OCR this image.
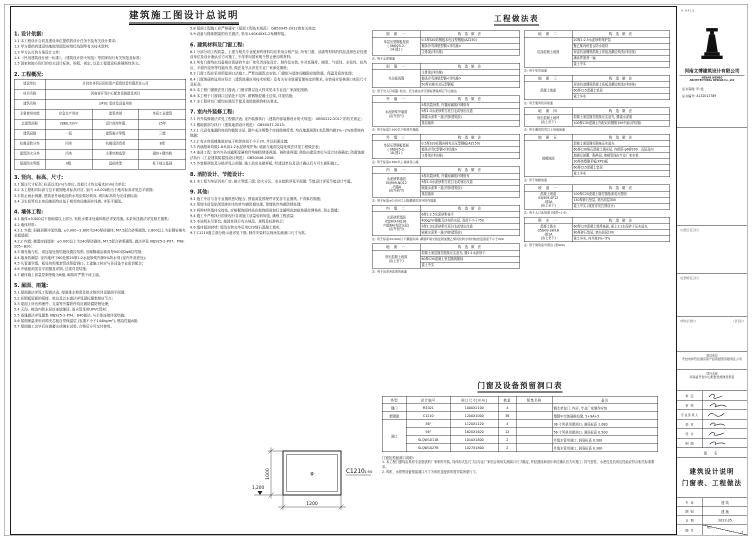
建筑施工图设计总说明
1. 设计依据:
1.1 本工程设计合同及建设单位提供的设计任务书及有关设计要求;
1.2 甲方提供的建设场地地形图及规划红线图等有关技术资料;
1.3 甲方认可的方案设计文件;
1.4 《民用建筑设计统一标准》、《建筑设计防火规范》等国家现行有关规范及标准;
1.5 国家和地方现行的有关设计标准、规程、规定, 以及工程建设标准强制性条文。
2. 工程概况:
建设单位	开封市祥符区国有资产投资经营有限责任公司		
项目名称	河南省开发中心配套设施建设项目		
建筑名称	2#01 泵房及设备用房		
主要使用功能	应急生产用房	建筑类别	单层工业建筑
总建筑面积	2860.72m²	设计使用年限	25年
建筑层数	一层	建筑耐火等级	三级
抗震设防分类	丙类	抗震设防烈度	8度
建筑防火分类	丙类	主要结构选型	砌体+钢结构
屋面防水等级	Ⅱ级	基础类型	柱下独立基础
3. 竖向、标高、尺寸:
3.1 图注尺寸标高: 标高以米(m)为单位, 其他尺寸均以毫米(mm)为单位;
3.2 本工程相对标高与总平面图绝对标高对应, 室内 ±0.000相当于绝对标高详见总平面图;
3.3 防止雨水倒灌, 建筑室外场地及散水均应做好坡向, 坡向标高均为完成面标高;
3.4 卫生间等有水房间地面均应低于相邻房间地面并找坡, 详见平面图。
4. 墙体工程:
4.1 墙体±0.000以下基础梁以上部分, 有防水要求处墙体做法详见结施, 本条所述做法详见相关图集;
4.2 墙体材料:
4.2.1 外墙: 斜砌顶紧详见结施, ±0.000~2.600为240厚砖砌体, M7.5混合砂浆砌筑, 2.600以上为彩钢岩棉夹芯板墙面;
4.2.2 内墙: 潮湿房间墙体: ±0.000以上为240厚砖砌体, M7.5混合砂浆砌筑, 做法详见 06J925-2-P97、P98-205~B20;
4.3 填充墙与柱、梁连接处按结施设置拉结筋, 后砌隔墙沿墙高每500设2φ6拉结筋;
4.4 墙身防潮层: 室内地坪下60处做20厚1:2水泥砂浆内掺5%防水剂 (室内外高差处);
4.5 凡管道穿墙、板处均预埋套管或预留洞口, 土建施工时应与各设备专业密切配合;
4.6 外墙留洞见各平面图及详图, 过梁详见结施;
4.7 砌体施工质量控制等级为B级, 砌筑时严禁干砖上墙。
5. 屋面、雨篷:
5.1 屋面做法详见工程做法表, 屋面排水坡度及排水组织详见屋面平面图;
5.2 彩钢板屋面的搭接、收边及泛水做法详见国标图集相应节点;
5.3 屋面上所有预埋件、支架等外露铁件均应做防腐防锈处理;
5.4 天沟、檐沟内防水层应连续铺设, 雨水管采用UPVC管材;
5.5 雨篷做法详见图集 06J925-2-P94、640做法, 与主体连接详见结施;
5.6 屋面保温采用岩棉夹芯板自带保温层 (容重不小于144kg/m³), 燃烧性能A级;
5.7 屋面施工完毕后应做蓄水或淋水试验, 合格后方可交付使用。
5.8 屋面工程施工应严格遵守《屋面工程技术规范》 GB50345-2012的有关规定;
5.9 设备与梯体钢架的有关做法, 采用 L40X40X1.2角钢焊接。
6. 建筑材料及门窗工程:
6.1 分部分项工程质量、土建与相关专业配套的材料均应采用合格产品; 所有门窗、油漆等材料的样品及颜色应经建设单位及设计确认后方可施工, 不得采用国家明令禁止使用的材料;
6.2 所有门窗均由具备相应资质的专业厂家负责深化设计、制作及安装, 并对其强度、刚度、气密性、水密性、抗风压、平面内变形等性能负责, 做法及节点详见专业厂家深化图纸;
6.3 门窗工程应采用预留洞口法施工, 严禁边砌筑边安装, 门窗框与墙体间缝隙应做防腐、保温及密封处理;
6.4 门窗玻璃的选用应符合《建筑玻璃应用技术规程》及有关安全玻璃管理规定的要求, 安装前应复核洞口实际尺寸及标高;
6.5 本工程门窗做法见门窗表, 门窗详图以及大样详见本专业及厂家深化图纸;
6.6 本工程于门窗洞口过梁处不足时, 做钢筋混凝土过梁, 详见结施;
6.7 本工程所有门窗均应满足节能及消防疏散的相关要求。
7. 室内外装修工程:
7.1 内外装修做法详见工程做法表; 室内装修执行《建筑内部装修设计防火规范》 GB50222-2017 的有关规定;
7.2 楼地面部分执行《建筑地面设计规范》 GB50037-2013:
7.2.1 凡设有地漏的房间均做防水层, 图中未注明整个房间做坡度者, 均在地漏周围1米范围内做1%~2%坡度坡向地漏;
7.2.2 有水房间楼地面应低于相邻房间不小于20, 并以斜面过渡;
7.3 内墙阳角均做1.8米高1:2水泥砂浆护角; 墙面与地面交接处做法详见工程做法表;
7.4 油漆工程: 室内外各项露明金属构件均刷防锈漆两道、调和漆两道; 颜色由建设单位与设计协商确定; 防腐蚀做法执行《工业建筑防腐蚀设计规范》 GB50046-2008;
7.5 外装修颜色及分格详见立面图, 施工前应先做样板, 经建设单位及设计确认后方可大面积施工。
8. 消防设计、节能设计:
8.1 本工程为单层丙类厂房, 耐火等级三级; 防火分区、安全疏散详见平面图; 节能设计详见节能设计专篇。
9. 其他:
9.1 施工中应与各专业图纸密切配合, 预留洞及预埋件详见各专业图纸, 不得事后剔凿;
9.2 预埋木砖及贴邻墙体的木构件均做防腐处理, 预埋铁件均做防锈处理;
9.3 两种材料墙体交接处, 应根据饰面材质在做饰面前加钉金属网或加贴玻璃丝网格布, 防止裂缝;
9.4 施工中严格执行国家现行各项施工质量验收规范, 确保工程质量;
9.5 本说明未尽事宜, 按国家现行有关规范、规程及标准执行;
9.6 墙体留洞封堵: 管线安装完毕后用C20细石混凝土填实;
9.7 C1210窗立面分格示意详见下图, 制作安装时以现场实测洞口尺寸为准。
工程做法表
屋 面 一	构 造 做 法

单层压型钢板屋面
( 06J925-2-
14-图1 )	0.5厚S40彩钢板本色压型钢板(AZ150)
	檩条冷弯薄壁型钢<详结施>
	主骨架(详结施)
注: 用于全部屋面
雨 篷 一	构 造 做 法

夹芯板雨篷	主骨架(详结施)
	檩条冷弯薄壁型钢<详结施>
	50厚岩棉夹芯压型钢板
注: 用于出入口雨篷; 收边、泛水做法详见国标图集相应节点做法
外 墙 一	构 造 做 法

水泥砂浆外墙面
(由外至内)	5厚抗裂砂浆, 内置耐碱玻纤网格布
	9厚1:3水泥砂浆打底扫毛或划出纹道
	刷素水泥浆一道(内掺建筑胶)
	基层墙体
注: 用于标高2.600以下砌体外墙面
外 墙 二	构 造 做 法

单层压型钢板墙面
( 06J925-2-
18-图1 )	0.5厚S20彩钢岩棉夹芯压型钢板(AZ150)
	檩条冷弯C型钢<详结施>
	主骨架(详结施)
注: 用于标高2.600以上墙体及山墙
内 墙 一	构 造 做 法

水泥砂浆墙面
05J909-NQ12
-内墙A
(由外至内)	5厚抗裂砂浆, 内置耐碱玻纤网格布
	9厚1:3水泥砂浆打底扫毛或划出纹道
	刷素水泥浆一道(内掺建筑胶)
	基层墙体
注: 用于标高±0.000以上除潮湿房间外的内墙面
内 墙 二	构 造 做 法

水泥砂浆墙面
05J909-NQ16-
内墙6A(有防水层)
(由外至内)	6厚1:2.5水泥砂浆抹平
	400g/m²聚酯无纺布防水层, 高度不小于750
	9厚1:3水泥砂浆打底扫毛或划出纹道
	刷素水泥浆一道(内掺建筑胶)
注: 用于标高±0.000以下潮湿房间; 潮湿环境交接处附加聚乙烯丙纶防水卷材粘结层高度不小于200
地 面 一	构 造 做 法

细石混凝土地面
(由上至下)	混凝土面层随打随抹压实赶光, 撒1:1水泥砂子
	60厚C30混凝土垫层随捣随抹
	素土夯实
注: 用于其余各处建筑地面
地 面 二	构 造 做 法

抗渗混凝土地面	20厚1:2.5水泥砂浆保护层
	聚乙烯丙纶复合防水卷材
	现浇抗渗钢筋混凝土底板及翻边构造(详结施)
	满涂界面剂一遍
	素土夯实
注: 用于泵房地面
地 面 三	构 造 做 法

混凝土地面	现浇抗渗钢筋混凝土底板及翻边构造(详结施)
	60厚C15混凝土垫层
	素土夯实
注: 用于通风机房地面
地 面 四	构 造 做 法

细石混凝土地坪
(由上至下)	混凝土面层随打随抹压实赶光, 撒素水泥面
	100厚C30混凝土内配双向钢筋150中距(详结施)
注: 用于通风机房以上场地地面
地 面 五	构 造 做 法

地暖地面	混凝土面层随打随抹压实赶光
	60厚C30细石混凝土填充层, 内配筋 φ6@200、双层双向
	地暖反射膜、隔热层, 地暖管线由专业厂家安装
	30厚挤塑聚苯板(XPS)板
	60厚C15混凝土垫层
	素土夯实
注: 用于地暖地面
坡 道 一	构 造 做 法

混凝土坡道
05J909-SP12
-坡5A
(由上至下)	100厚C20混凝土随打随抹面成瓦楞面
	150厚碎石垫层, 宽出面层300
	素土夯实 (坡度详见总图设计)
注: 用于入口处坡道 (坡度<1:8)
散 水 一	构 造 做 法

混凝土散水
05J909-SW1B
-散1A
(由上至下)	60厚C20混凝土提浆抹面, 面上1:1水泥砂子压实赶光
	80厚碎石垫层, 宽出面层100
	素土夯实, 向外坡3%~5%
注: 用于建筑室外周边 (宽600)
门窗及设备预留洞口表
类型	设计编号	洞口尺寸[mm]	数量	图集名称	备注
钢门	M1021	1000X2100	4		钢木单包门, 内开, 专业厂家制作安装
塑钢窗	C1210	1200X1000	38		塑钢中空玻璃推拉窗, 5+9A+5
洞口	36"	1120X1120	4		36 寸风机用窗洞口, 洞底标高 1.080
	56"	1620X1620	12		56 寸风机用窗洞口, 洞底标高 0.500
	SLQW1011B	1010X1800	2		外墙水管用洞口, 洞底标高 0.300
	SLQW1027B	1027X1800	2		外墙水管用洞口, 洞底标高 0.300
门窗及预留洞口说明:
1. 本工程门窗均由具有专业资质的厂家制作安装, 具体形式及尺寸由专业厂家结合现场实测洞口尺寸确定, 并经建设和设计单位确认后方可施工; 其气密性、水密性及抗风压性能应符合相关标准要求。
2. 风机、水管等设备预留洞口尺寸为风机及配套风管安装所需尺寸。
φ
1200
1000
1,200
C1210 1:50
A-0415
河南文博建筑设计有限公司
HENAN WENBO
ARCHITECTURAL DESIGN Co.,Ltd
证书等级: 甲 级
证书编号: A132012789
(出图章签章栏)
(注册师签章栏)
(修改记录栏)	(会签栏)
建设单位
开封市祥符区国有资产投资经营有限责任公司
项目名称
河南省开发中心配套设施建设项目
审 定
审 核
专业负责人
校 对
设 计
制 图
图 名
建筑设计说明
门窗表、工程做法
专 业	建 筑
图 别	建 施
日 期	2023.05
图 号
01
7
